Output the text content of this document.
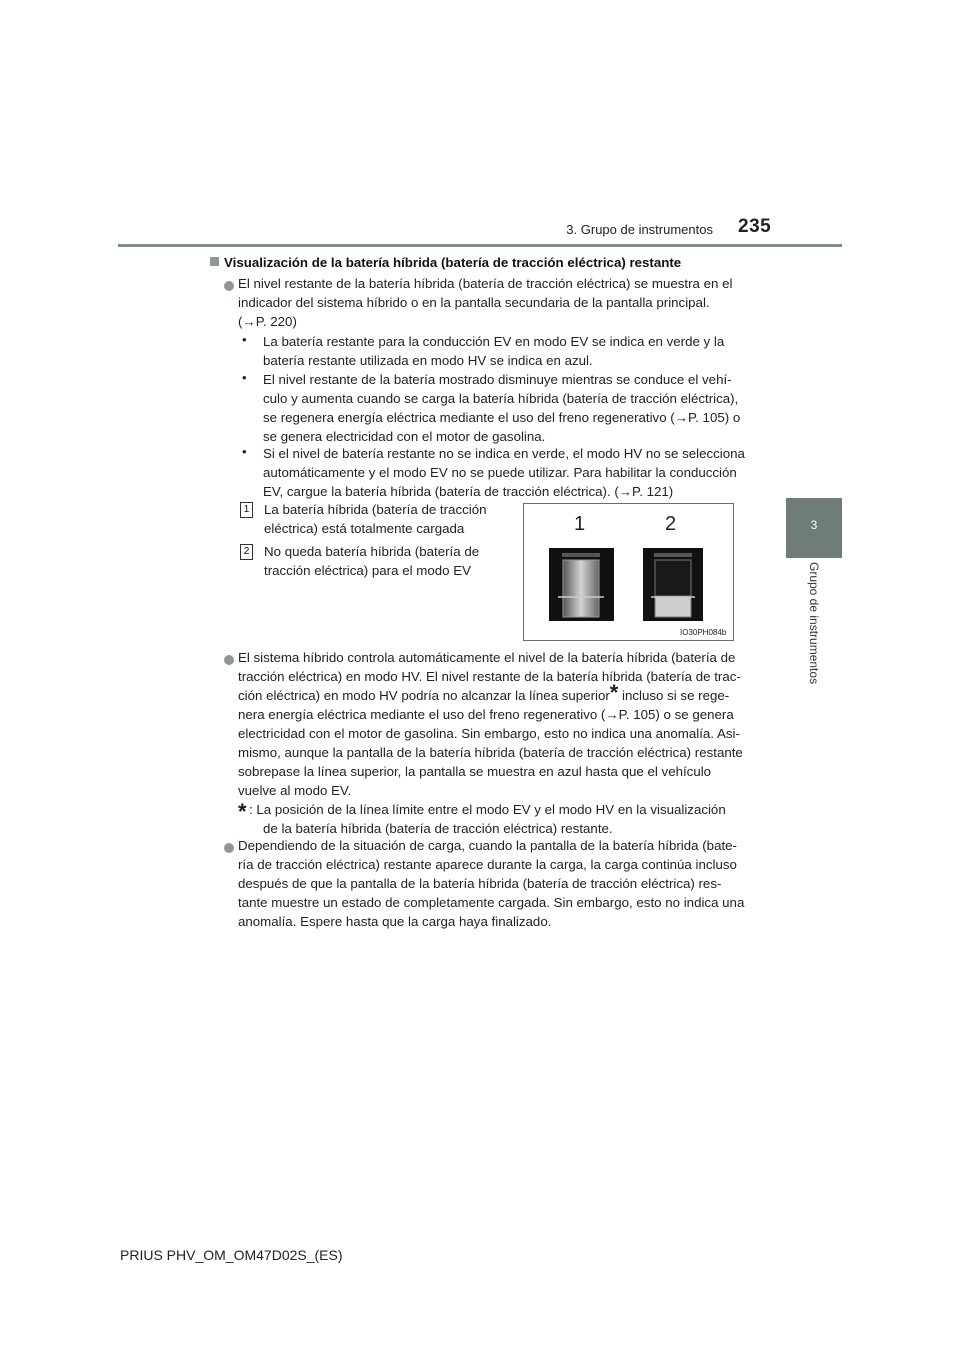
3. Grupo de instrumentos 235
3
Grupo de instrumentos
Visualización de la batería híbrida (batería de tracción eléctrica) restante
El nivel restante de la batería híbrida (batería de tracción eléctrica) se muestra en el
indicador del sistema híbrido o en la pantalla secundaria de la pantalla principal.
(→P. 220)
• La batería restante para la conducción EV en modo EV se indica en verde y la
batería restante utilizada en modo HV se indica en azul.
• El nivel restante de la batería mostrado disminuye mientras se conduce el vehí-
culo y aumenta cuando se carga la batería híbrida (batería de tracción eléctrica),
se regenera energía eléctrica mediante el uso del freno regenerativo (→P. 105) o
se genera electricidad con el motor de gasolina.
• Si el nivel de batería restante no se indica en verde, el modo HV no se selecciona
automáticamente y el modo EV no se puede utilizar. Para habilitar la conducción
EV, cargue la batería híbrida (batería de tracción eléctrica). (→P. 121)
1 La batería híbrida (batería de tracción
eléctrica) está totalmente cargada
2 No queda batería híbrida (batería de
tracción eléctrica) para el modo EV
1	2
IO30PH084b
El sistema híbrido controla automáticamente el nivel de la batería híbrida (batería de
tracción eléctrica) en modo HV. El nivel restante de la batería híbrida (batería de trac-
ción eléctrica) en modo HV podría no alcanzar la línea superior* incluso si se rege-
nera energía eléctrica mediante el uso del freno regenerativo (→P. 105) o se genera
electricidad con el motor de gasolina. Sin embargo, esto no indica una anomalía. Asi-
mismo, aunque la pantalla de la batería híbrida (batería de tracción eléctrica) restante
sobrepase la línea superior, la pantalla se muestra en azul hasta que el vehículo
vuelve al modo EV.
* : La posición de la línea límite entre el modo EV y el modo HV en la visualización
de la batería híbrida (batería de tracción eléctrica) restante.
Dependiendo de la situación de carga, cuando la pantalla de la batería híbrida (bate-
ría de tracción eléctrica) restante aparece durante la carga, la carga continúa incluso
después de que la pantalla de la batería híbrida (batería de tracción eléctrica) res-
tante muestre un estado de completamente cargada. Sin embargo, esto no indica una
anomalía. Espere hasta que la carga haya finalizado.
PRIUS PHV_OM_OM47D02S_(ES)
